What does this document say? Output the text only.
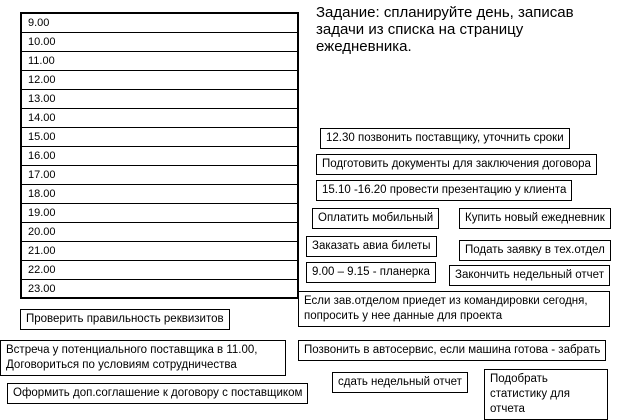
9.00
10.00
11.00
12.00
13.00
14.00
15.00
16.00
17.00
18.00
19.00
20.00
21.00
22.00
23.00
Задание: спланируйте день, записав задачи из списка на страницу ежедневника.
12.30 позвонить поставщику, уточнить сроки
Подготовить документы для заключения договора
15.10 -16.20 провести презентацию у клиента
Оплатить мобильный	Купить новый ежедневник
Заказать авиа билеты	Подать заявку в тех.отдел
9.00 – 9.15 - планерка	Закончить недельный отчет
Если зав.отделом приедет из командировки сегодня, попросить у нее данные для проекта
Проверить правильность реквизитов
Встреча у потенциального поставщика в 11.00, Договориться по условиям сотрудничества
Позвонить в автосервис, если машина готова - забрать
Оформить доп.соглашение к договору с поставщиком
сдать недельный отчет	Подобрать статистику для отчета
